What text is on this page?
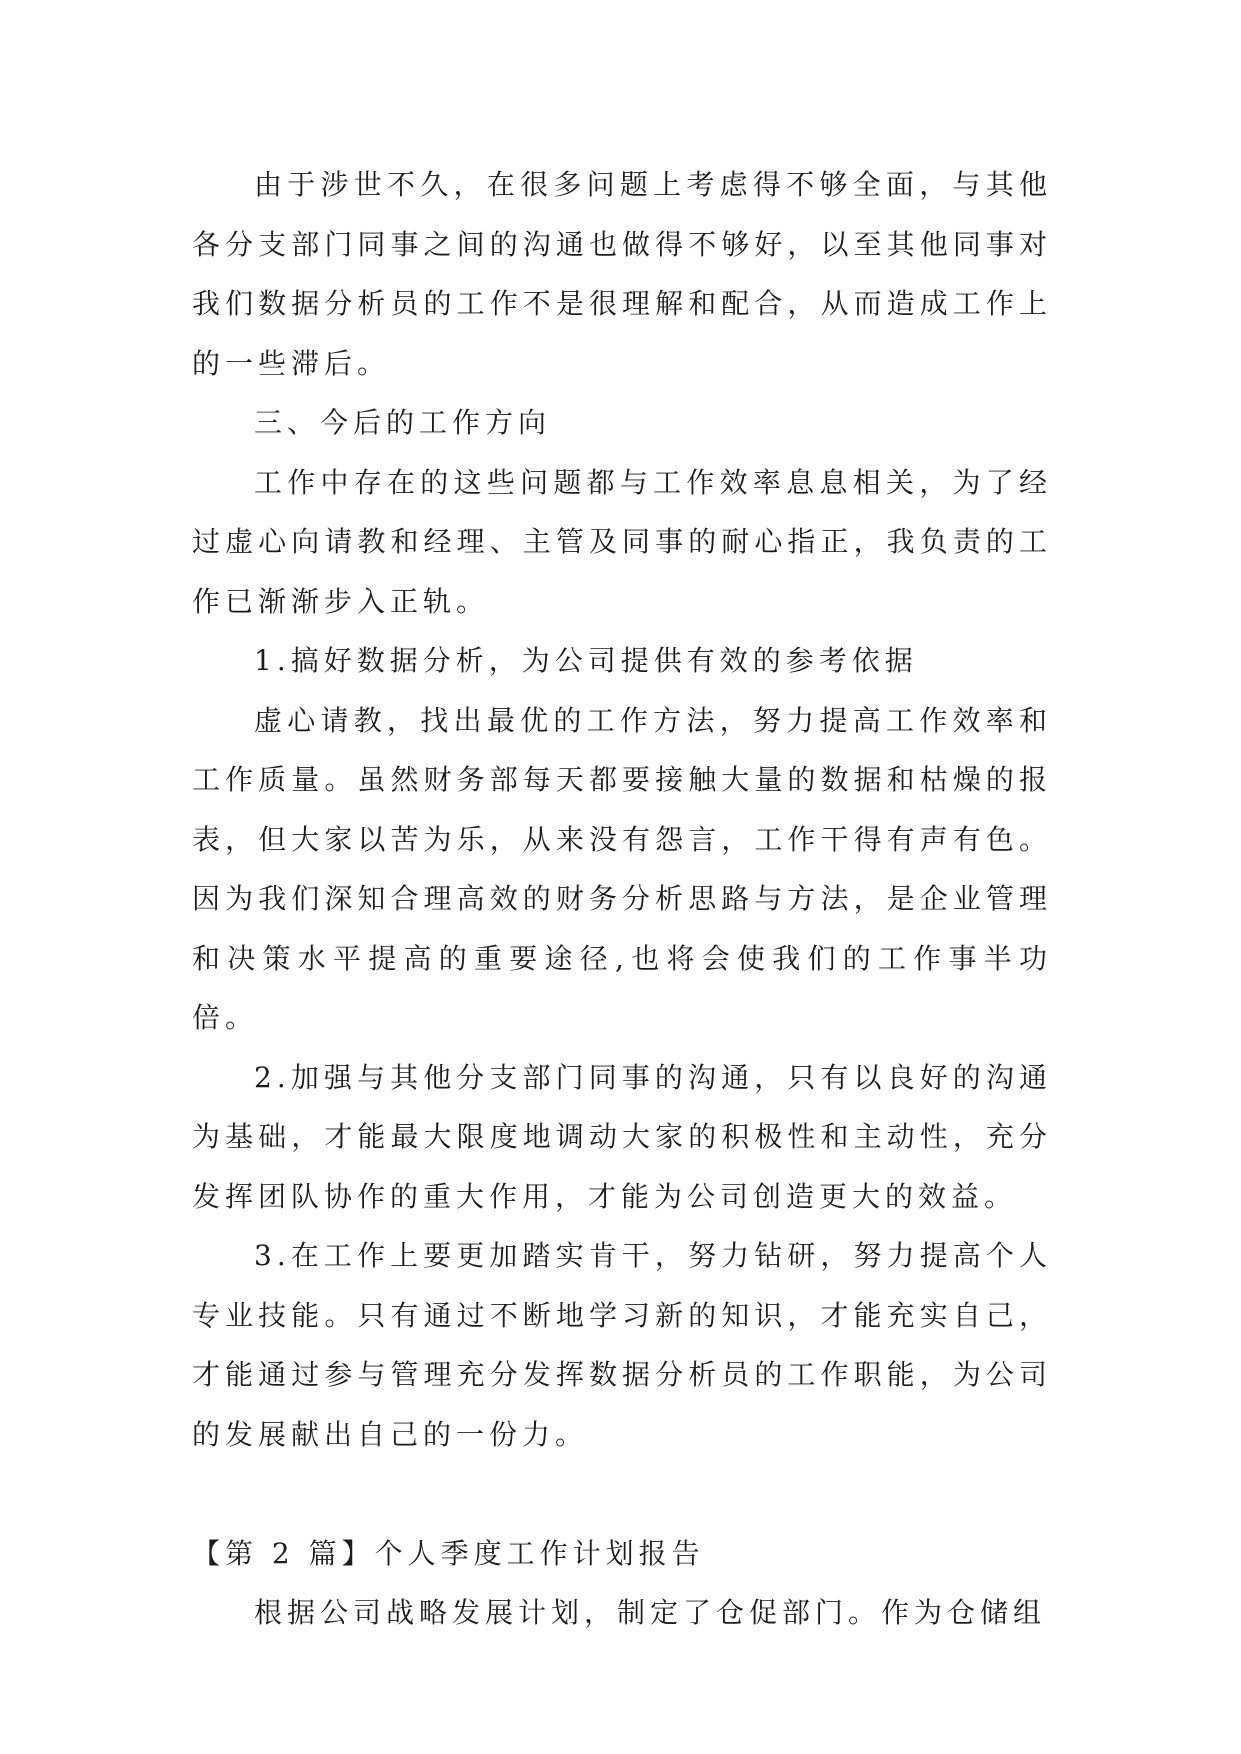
由于涉世不久，在很多问题上考虑得不够全面，与其他各分支部门同事之间的沟通也做得不够好，以至其他同事对我们数据分析员的工作不是很理解和配合，从而造成工作上的一些滞后。

三、今后的工作方向

工作中存在的这些问题都与工作效率息息相关，为了经过虚心向请教和经理、主管及同事的耐心指正，我负责的工作已渐渐步入正轨。

1.搞好数据分析，为公司提供有效的参考依据

虚心请教，找出最优的工作方法，努力提高工作效率和工作质量。虽然财务部每天都要接触大量的数据和枯燥的报表，但大家以苦为乐，从来没有怨言，工作干得有声有色。因为我们深知合理高效的财务分析思路与方法，是企业管理和决策水平提高的重要途径,也将会使我们的工作事半功倍。

2.加强与其他分支部门同事的沟通，只有以良好的沟通为基础，才能最大限度地调动大家的积极性和主动性，充分发挥团队协作的重大作用，才能为公司创造更大的效益。

3.在工作上要更加踏实肯干，努力钻研，努力提高个人专业技能。只有通过不断地学习新的知识，才能充实自己，才能通过参与管理充分发挥数据分析员的工作职能，为公司的发展献出自己的一份力。

【第 2 篇】个人季度工作计划报告

根据公司战略发展计划，制定了仓促部门。作为仓储组
